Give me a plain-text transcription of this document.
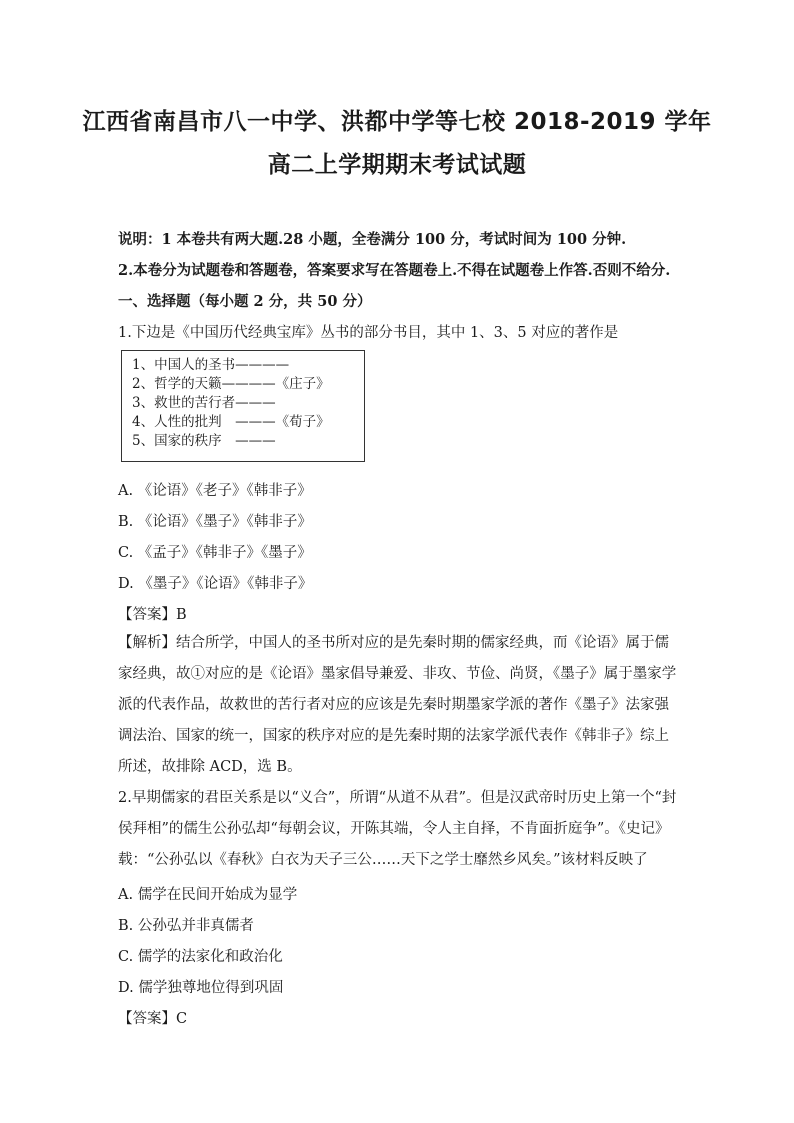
江西省南昌市八一中学、洪都中学等七校 2018-2019 学年
高二上学期期末考试试题
说明：1 本卷共有两大题.28 小题，全卷满分 100 分，考试时间为 100 分钟.
2.本卷分为试题卷和答题卷，答案要求写在答题卷上.不得在试题卷上作答.否则不给分.
一、选择题（每小题 2 分，共 50 分）
1.下边是《中国历代经典宝库》丛书的部分书目，其中 1、3、5 对应的著作是
1、中国人的圣书————
2、哲学的天籁————《庄子》
3、救世的苦行者———
4、人性的批判　———《荀子》
5、国家的秩序　———
A. 《论语》《老子》《韩非子》
B. 《论语》《墨子》《韩非子》
C. 《孟子》《韩非子》《墨子》
D. 《墨子》《论语》《韩非子》
【答案】B
【解析】结合所学，中国人的圣书所对应的是先秦时期的儒家经典，而《论语》属于儒家经典，故①对应的是《论语》墨家倡导兼爱、非攻、节俭、尚贤，《墨子》属于墨家学派的代表作品，故救世的苦行者对应的应该是先秦时期墨家学派的著作《墨子》法家强调法治、国家的统一，国家的秩序对应的是先秦时期的法家学派代表作《韩非子》综上所述，故排除 ACD，选 B。
2.早期儒家的君臣关系是以“义合”，所谓“从道不从君”。但是汉武帝时历史上第一个“封侯拜相”的儒生公孙弘却“每朝会议，开陈其端，令人主自择，不肯面折庭争”。《史记》载：“公孙弘以《春秋》白衣为天子三公……天下之学士靡然乡风矣。”该材料反映了
A. 儒学在民间开始成为显学
B. 公孙弘并非真儒者
C. 儒学的法家化和政治化
D. 儒学独尊地位得到巩固
【答案】C
